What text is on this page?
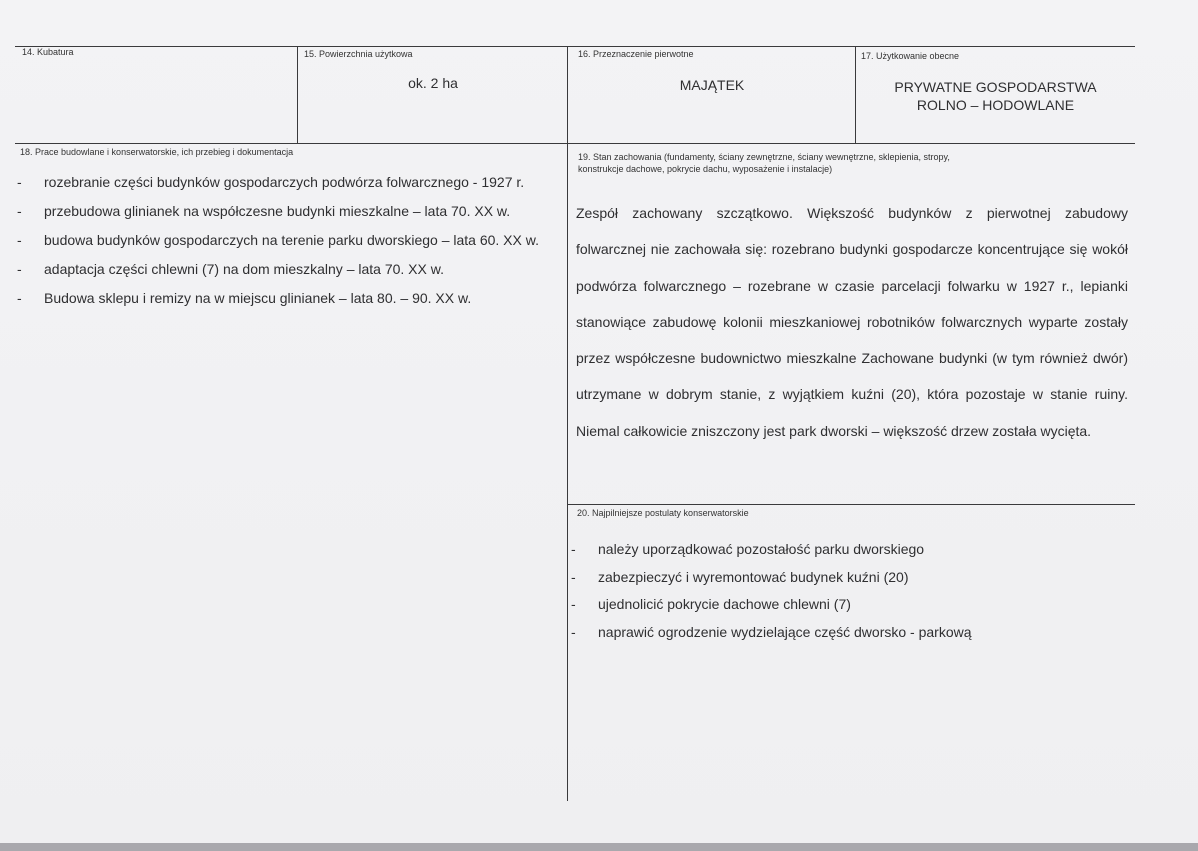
14. Kubatura	15. Powierzchnia użytkowa
ok. 2 ha
16. Przeznaczenie pierwotne
MAJĄTEK
17. Użytkowanie obecne
PRYWATNE GOSPODARSTWA
ROLNO – HODOWLANE
18. Prace budowlane i konserwatorskie, ich przebieg i dokumentacja
- rozebranie części budynków gospodarczych podwórza folwarcznego - 1927 r.
- przebudowa glinianek na współczesne budynki mieszkalne – lata 70. XX w.
- budowa budynków gospodarczych na terenie parku dworskiego – lata 60. XX w.
- adaptacja części chlewni (7) na dom mieszkalny – lata 70. XX w.
- Budowa sklepu i remizy na w miejscu glinianek – lata 80. – 90. XX w.
19. Stan zachowania (fundamenty, ściany zewnętrzne, ściany wewnętrzne, sklepienia, stropy,
konstrukcje dachowe, pokrycie dachu, wyposażenie i instalacje)
Zespół zachowany szczątkowo. Większość budynków z pierwotnej zabudowy folwarcznej nie zachowała się: rozebrano budynki gospodarcze koncentrujące się wokół podwórza folwarcznego – rozebrane w czasie parcelacji folwarku w 1927 r., lepianki stanowiące zabudowę kolonii mieszkaniowej robotników folwarcznych wyparte zostały przez współczesne budownictwo mieszkalne Zachowane budynki (w tym również dwór) utrzymane w dobrym stanie, z wyjątkiem kuźni (20), która pozostaje w stanie ruiny. Niemal całkowicie zniszczony jest park dworski – większość drzew została wycięta.
20. Najpilniejsze postulaty konserwatorskie
- należy uporządkować pozostałość parku dworskiego
- zabezpieczyć i wyremontować budynek kuźni (20)
- ujednolicić pokrycie dachowe chlewni (7)
- naprawić ogrodzenie wydzielające część dworsko - parkową
